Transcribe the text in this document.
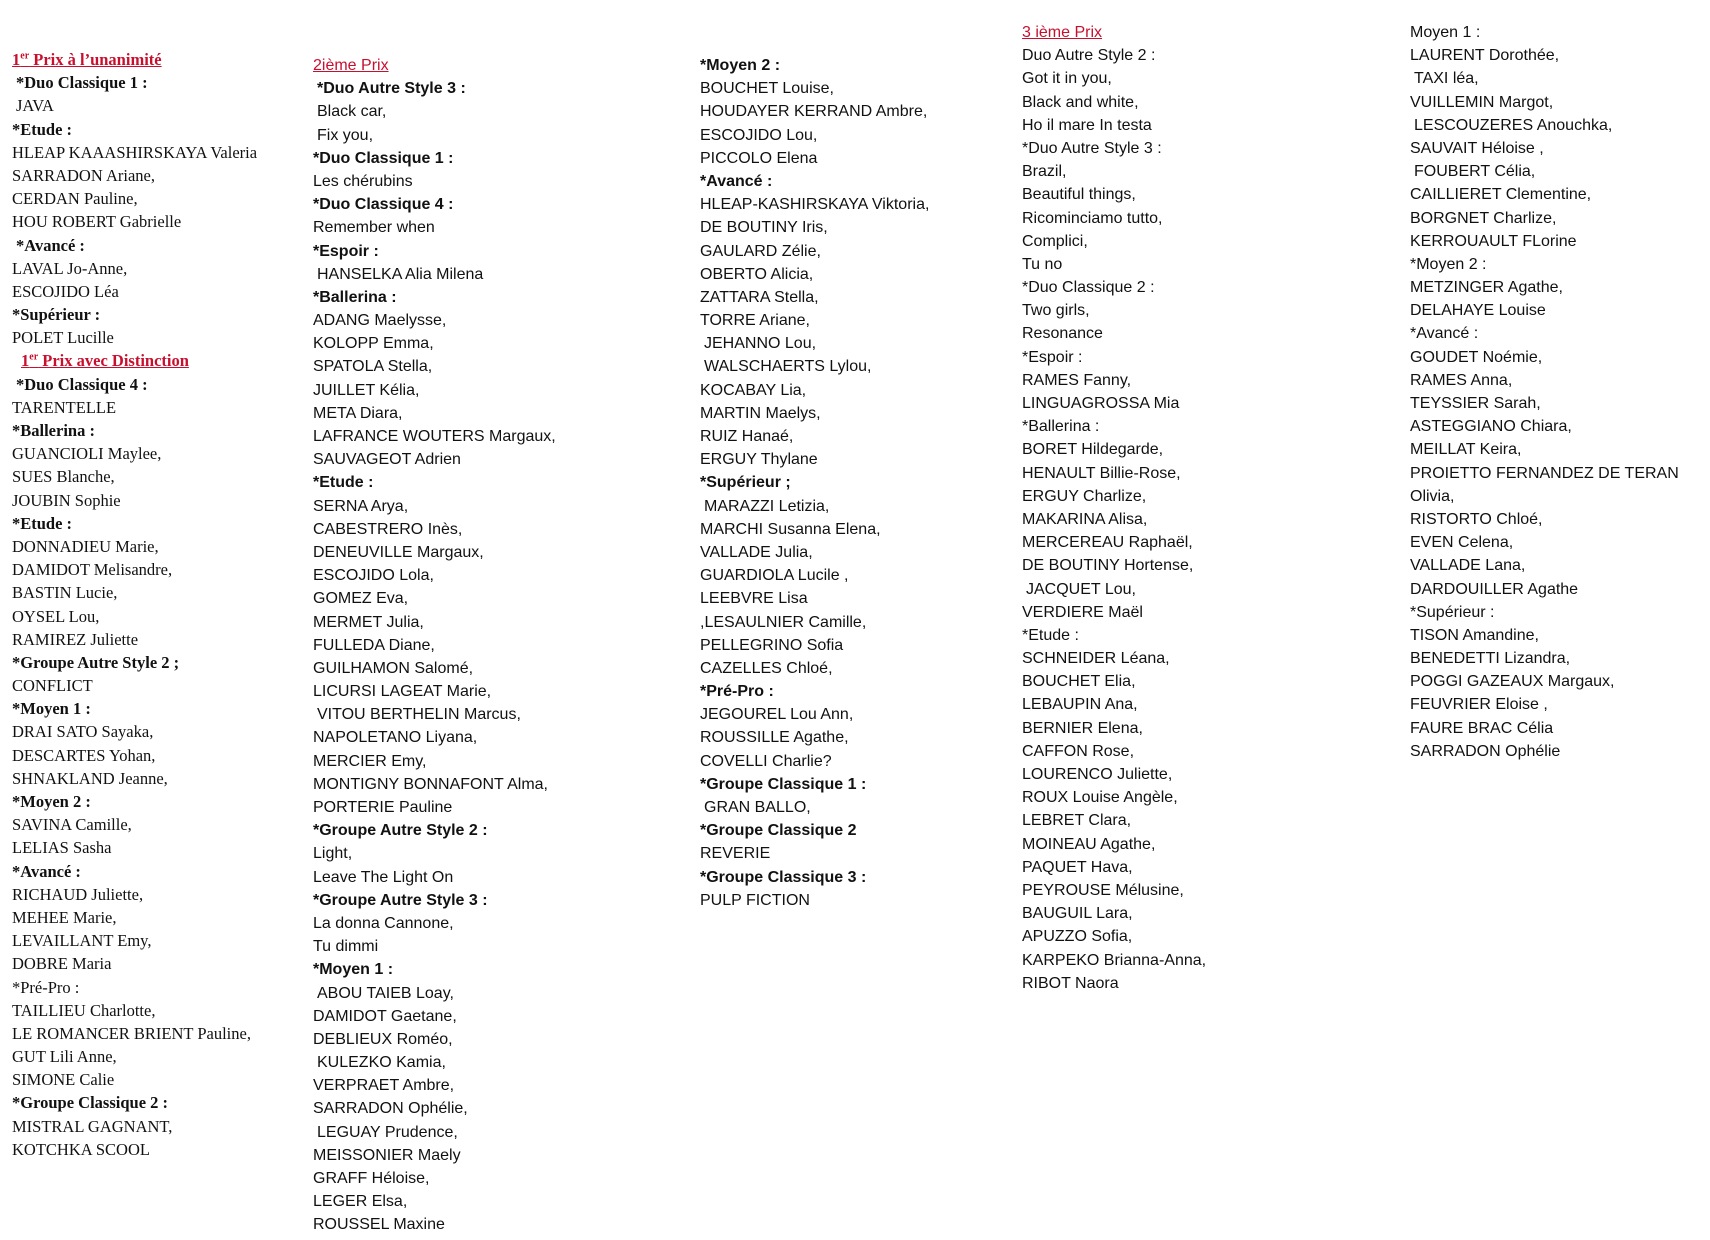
1er Prix à l’unanimité
*Duo Classique 1 :
JAVA
*Etude :
HLEAP KAAASHIRSKAYA Valeria
SARRADON Ariane,
CERDAN Pauline,
HOU ROBERT Gabrielle
*Avancé :
LAVAL Jo-Anne,
ESCOJIDO Léa
*Supérieur :
POLET Lucille
1er Prix avec Distinction
*Duo Classique 4 :
TARENTELLE
*Ballerina :
GUANCIOLI Maylee,
SUES Blanche,
JOUBIN Sophie
*Etude :
DONNADIEU Marie,
DAMIDOT Melisandre,
BASTIN Lucie,
OYSEL Lou,
RAMIREZ Juliette
*Groupe Autre Style 2 ;
CONFLICT
*Moyen 1 :
DRAI SATO Sayaka,
DESCARTES Yohan,
SHNAKLAND Jeanne,
*Moyen 2 :
SAVINA Camille,
LELIAS Sasha
*Avancé :
RICHAUD Juliette,
MEHEE Marie,
LEVAILLANT Emy,
DOBRE Maria
*Pré-Pro :
TAILLIEU Charlotte,
LE ROMANCER BRIENT Pauline,
GUT Lili Anne,
SIMONE Calie
*Groupe Classique 2 :
MISTRAL GAGNANT,
KOTCHKA SCOOL
2ième Prix
*Duo Autre Style 3 :
Black car,
Fix you,
*Duo Classique 1 :
Les chérubins
*Duo Classique 4 :
Remember when
*Espoir :
HANSELKA Alia Milena
*Ballerina :
ADANG Maelysse,
KOLOPP Emma,
SPATOLA Stella,
JUILLET Kélia,
META Diara,
LAFRANCE WOUTERS Margaux,
SAUVAGEOT Adrien
*Etude :
SERNA Arya,
CABESTRERO Inès,
DENEUVILLE Margaux,
ESCOJIDO Lola,
GOMEZ Eva,
MERMET Julia,
FULLEDA Diane,
GUILHAMON Salomé,
LICURSI LAGEAT Marie,
VITOU BERTHELIN Marcus,
NAPOLETANO Liyana,
MERCIER Emy,
MONTIGNY BONNAFONT Alma,
PORTERIE Pauline
*Groupe Autre Style 2 :
Light,
Leave The Light On
*Groupe Autre Style 3 :
La donna Cannone,
Tu dimmi
*Moyen 1 :
ABOU TAIEB Loay,
DAMIDOT Gaetane,
DEBLIEUX Roméo,
KULEZKO Kamia,
VERPRAET Ambre,
SARRADON Ophélie,
LEGUAY Prudence,
MEISSONIER Maely
GRAFF Héloise,
LEGER Elsa,
ROUSSEL Maxine
*Moyen 2 :
BOUCHET Louise,
HOUDAYER KERRAND Ambre,
ESCOJIDO Lou,
PICCOLO Elena
*Avancé :
HLEAP-KASHIRSKAYA Viktoria,
DE BOUTINY Iris,
GAULARD Zélie,
OBERTO Alicia,
ZATTARA Stella,
TORRE Ariane,
JEHANNO Lou,
WALSCHAERTS Lylou,
KOCABAY Lia,
MARTIN Maelys,
RUIZ Hanaé,
ERGUY Thylane
*Supérieur ;
MARAZZI Letizia,
MARCHI Susanna Elena,
VALLADE Julia,
GUARDIOLA Lucile ,
LEEBVRE Lisa
,LESAULNIER Camille,
PELLEGRINO Sofia
CAZELLES Chloé,
*Pré-Pro :
JEGOUREL Lou Ann,
ROUSSILLE Agathe,
COVELLI Charlie?
*Groupe Classique 1 :
GRAN BALLO,
*Groupe Classique 2
REVERIE
*Groupe Classique 3 :
PULP FICTION
3 ième Prix
Duo Autre Style 2 :
Got it in you,
Black and white,
Ho il mare In testa
*Duo Autre Style 3 :
Brazil,
Beautiful things,
Ricominciamo tutto,
Complici,
Tu no
*Duo Classique 2 :
Two girls,
Resonance
*Espoir :
RAMES Fanny,
LINGUAGROSSA Mia
*Ballerina :
BORET Hildegarde,
HENAULT Billie-Rose,
ERGUY Charlize,
MAKARINA Alisa,
MERCEREAU Raphaël,
DE BOUTINY Hortense,
JACQUET Lou,
VERDIERE Maël
*Etude :
SCHNEIDER Léana,
BOUCHET Elia,
LEBAUPIN Ana,
BERNIER Elena,
CAFFON Rose,
LOURENCO Juliette,
ROUX Louise Angèle,
LEBRET Clara,
MOINEAU Agathe,
PAQUET Hava,
PEYROUSE Mélusine,
BAUGUIL Lara,
APUZZO Sofia,
KARPEKO Brianna-Anna,
RIBOT Naora
Moyen 1 :
LAURENT Dorothée,
TAXI léa,
VUILLEMIN Margot,
LESCOUZERES Anouchka,
SAUVAIT Héloise ,
FOUBERT Célia,
CAILLIERET Clementine,
BORGNET Charlize,
KERROUAULT FLorine
*Moyen 2 :
METZINGER Agathe,
DELAHAYE Louise
*Avancé :
GOUDET Noémie,
RAMES Anna,
TEYSSIER Sarah,
ASTEGGIANO Chiara,
MEILLAT Keira,
PROIETTO FERNANDEZ DE TERAN
Olivia,
RISTORTO Chloé,
EVEN Celena,
VALLADE Lana,
DARDOUILLER Agathe
*Supérieur :
TISON Amandine,
BENEDETTI Lizandra,
POGGI GAZEAUX Margaux,
FEUVRIER Eloise ,
FAURE BRAC Célia
SARRADON Ophélie
